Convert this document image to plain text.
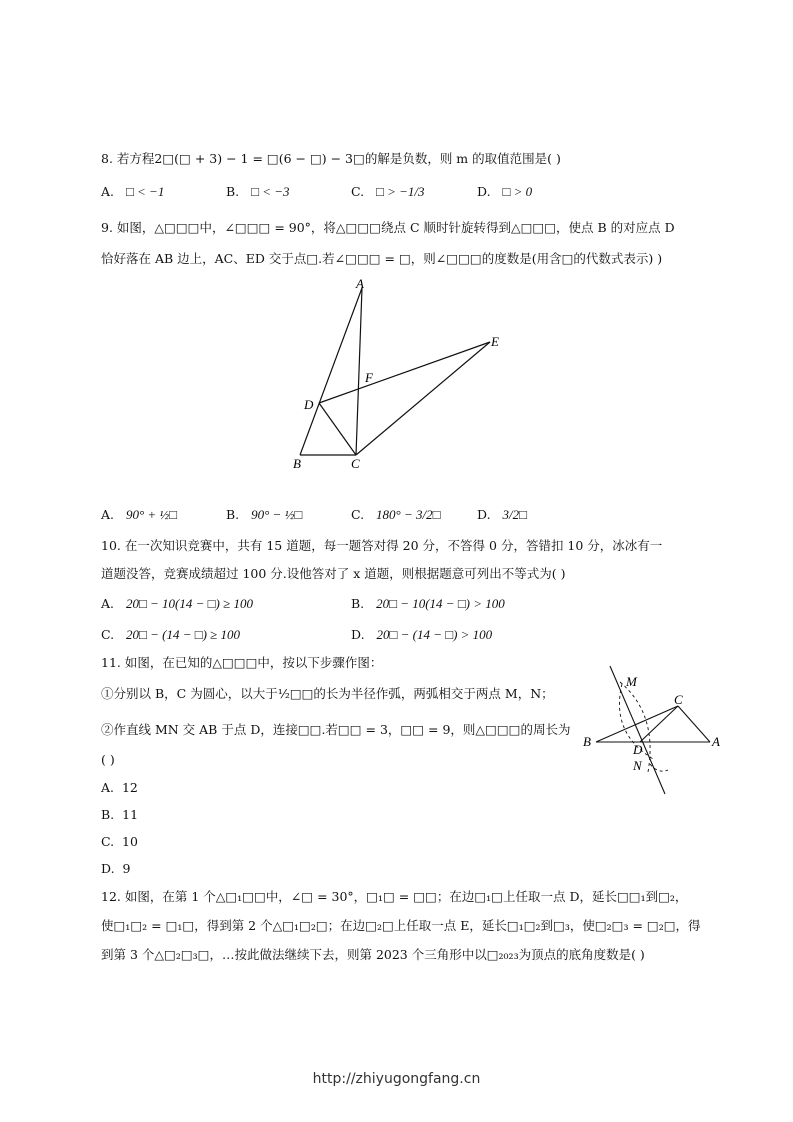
8. 若方程2□(□ + 3) − 1 = □(6 − □) − 3□的解是负数，则 m 的取值范围是( )
A. □ < −1	B. □ < −3	C. □ > −1/3	D. □ > 0
9. 如图，△□□□中，∠□□□ = 90°，将△□□□绕点 C 顺时针旋转得到△□□□，使点 B 的对应点 D
恰好落在 AB 边上，AC、ED 交于点□.若∠□□□ = □，则∠□□□的度数是(用含□的代数式表示) )
A
E
F
D
B	C
A. 90° + ½□	B. 90° − ½□	C. 180° − 3/2□	D. 3/2□
10. 在一次知识竞赛中，共有 15 道题，每一题答对得 20 分，不答得 0 分，答错扣 10 分，冰冰有一
道题没答，竞赛成绩超过 100 分.设他答对了 x 道题，则根据题意可列出不等式为( )
A. 20□ − 10(14 − □) ≥ 100	B. 20□ − 10(14 − □) > 100
C. 20□ − (14 − □) ≥ 100	D. 20□ − (14 − □) > 100
11. 如图，在已知的△□□□中，按以下步骤作图：
①分别以 B，C 为圆心，以大于½□□的长为半径作弧，两弧相交于两点 M，N；
②作直线 MN 交 AB 于点 D，连接□□.若□□ = 3，□□ = 9，则△□□□的周长为
( )
M
C
B
D
A
N
A. 12
B. 11
C. 10
D. 9
12. 如图，在第 1 个△□₁□□中，∠□ = 30°，□₁□ = □□；在边□₁□上任取一点 D，延长□□₁到□₂，
使□₁□₂ = □₁□，得到第 2 个△□₁□₂□；在边□₂□上任取一点 E，延长□₁□₂到□₃，使□₂□₃ = □₂□，得
到第 3 个△□₂□₃□，…按此做法继续下去，则第 2023 个三角形中以□₂₀₂₃为顶点的底角度数是( )
http://zhiyugongfang.cn
